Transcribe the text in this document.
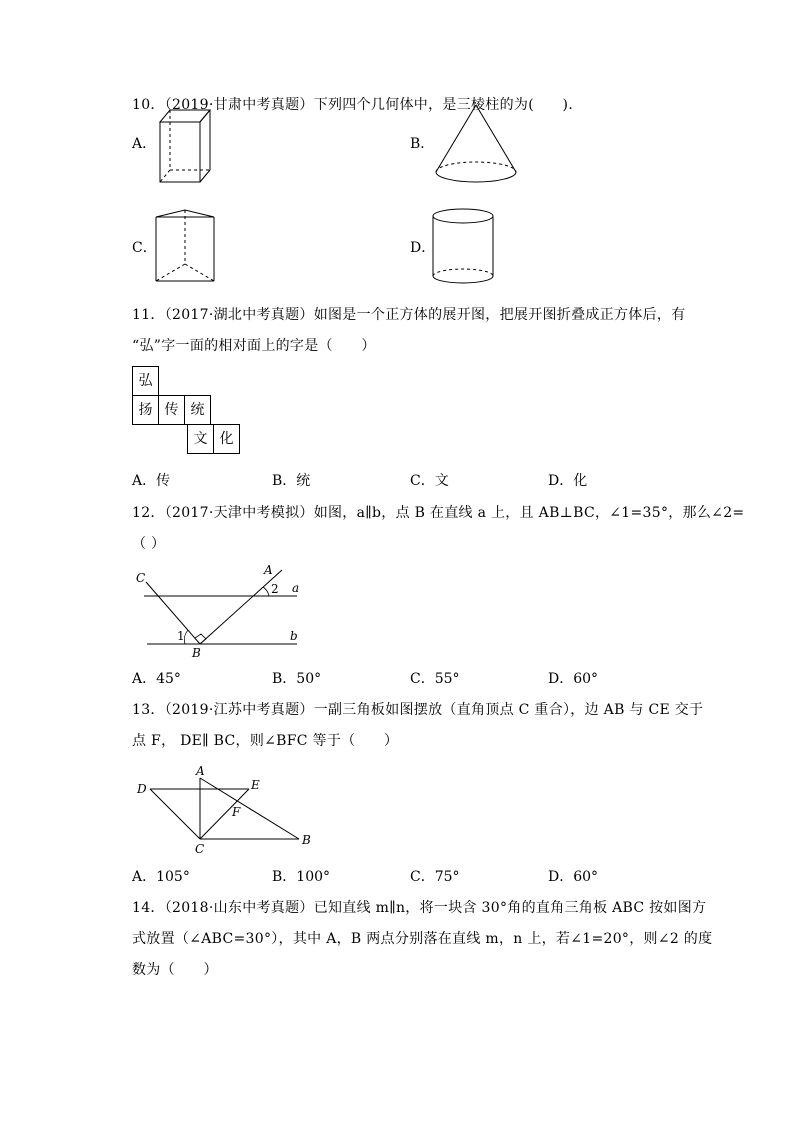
10．（2019·甘肃中考真题）下列四个几何体中，是三棱柱的为(　　)．
A．	B．
C．	D．
11．（2017·湖北中考真题）如图是一个正方体的展开图，把展开图折叠成正方体后，有
“弘”字一面的相对面上的字是（　　）
弘
扬 传 统
文 化
A．传	B．统	C．文	D．化
12．（2017·天津中考模拟）如图，a∥b，点 B 在直线 a 上，且 AB⊥BC，∠1=35°，那么∠2=
（ ）
C
A
a
b
B
1
2
A．45°	B．50°	C．55°	D．60°
13．（2019·江苏中考真题）一副三角板如图摆放（直角顶点 C 重合），边 AB 与 CE 交于
点 F， DE∥ BC，则∠BFC 等于（　　）
D
A
E
F
B
C
A．105°	B．100°	C．75°	D．60°
14．（2018·山东中考真题）已知直线 m∥n，将一块含 30°角的直角三角板 ABC 按如图方
式放置（∠ABC=30°），其中 A，B 两点分别落在直线 m，n 上，若∠1=20°，则∠2 的度
数为（　　）
